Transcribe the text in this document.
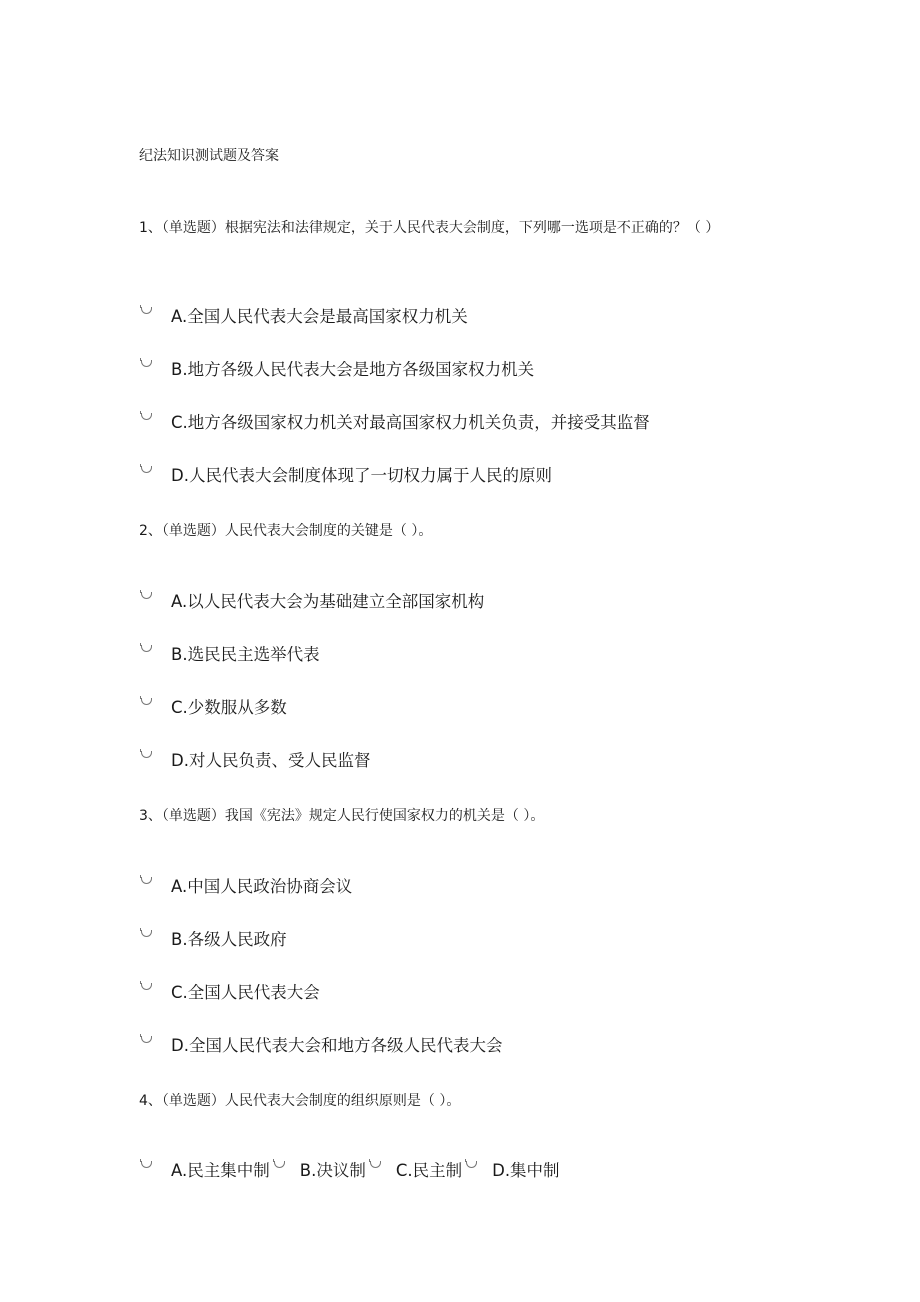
纪法知识测试题及答案
1、（单选题）根据宪法和法律规定，关于人民代表大会制度，下列哪一选项是不正确的？（ ）
A.全国人民代表大会是最高国家权力机关
B.地方各级人民代表大会是地方各级国家权力机关
C.地方各级国家权力机关对最高国家权力机关负责，并接受其监督
D.人民代表大会制度体现了一切权力属于人民的原则
2、（单选题）人民代表大会制度的关键是（ ）。
A.以人民代表大会为基础建立全部国家机构
B.选民民主选举代表
C.少数服从多数
D.对人民负责、受人民监督
3、（单选题）我国《宪法》规定人民行使国家权力的机关是（ ）。
A.中国人民政治协商会议
B.各级人民政府
C.全国人民代表大会
D.全国人民代表大会和地方各级人民代表大会
4、（单选题）人民代表大会制度的组织原则是（ ）。
A.民主集中制 B.决议制 C.民主制 D.集中制
